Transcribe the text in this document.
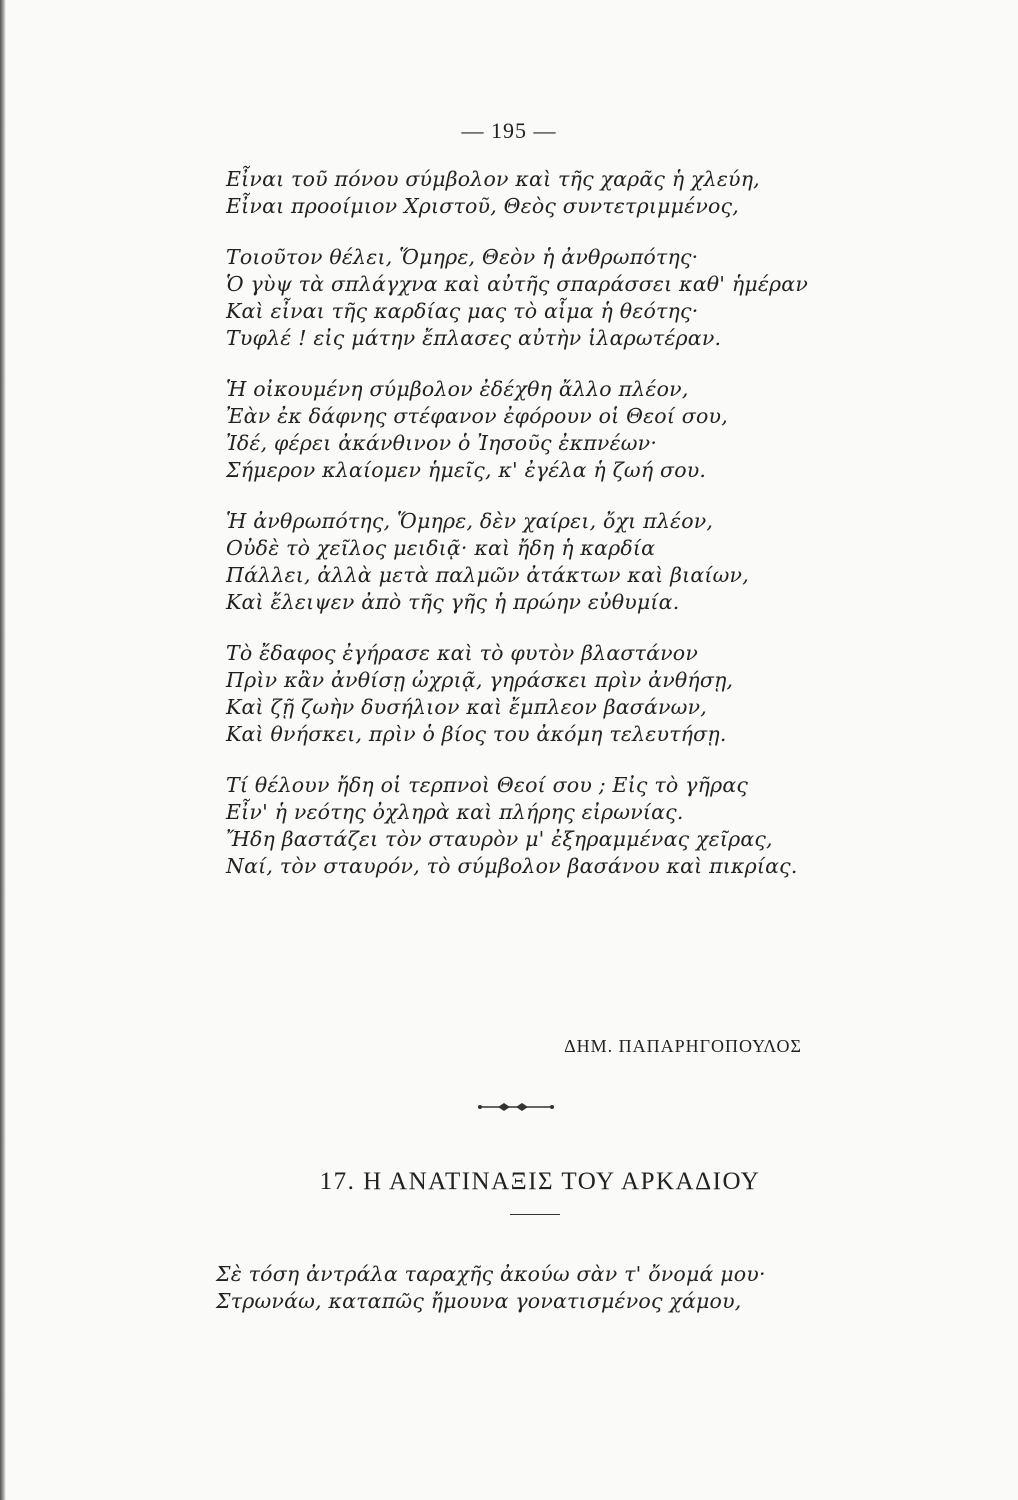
— 195 —
Εἶναι τοῦ πόνου σύμβολον καὶ τῆς χαρᾶς ἡ χλεύη,
Εἶναι προοίμιον Χριστοῦ, Θεὸς συντετριμμένος,
Τοιοῦτον θέλει, Ὅμηρε, Θεὸν ἡ ἀνθρωπότης·
Ὁ γὺψ τὰ σπλάγχνα καὶ αὐτῆς σπαράσσει καθ' ἡμέραν
Καὶ εἶναι τῆς καρδίας μας τὸ αἷμα ἡ θεότης·
Τυφλέ ! εἰς μάτην ἔπλασες αὐτὴν ἱλαρωτέραν.
Ἡ οἰκουμένη σύμβολον ἐδέχθη ἄλλο πλέον,
Ἐὰν ἐκ δάφνης στέφανον ἐφόρουν οἱ Θεοί σου,
Ἰδέ, φέρει ἀκάνθινον ὁ Ἰησοῦς ἐκπνέων·
Σήμερον κλαίομεν ἡμεῖς, κ' ἐγέλα ἡ ζωή σου.
Ἡ ἀνθρωπότης, Ὅμηρε, δὲν χαίρει, ὄχι πλέον,
Οὐδὲ τὸ χεῖλος μειδιᾷ· καὶ ἤδη ἡ καρδία
Πάλλει, ἀλλὰ μετὰ παλμῶν ἀτάκτων καὶ βιαίων,
Καὶ ἔλειψεν ἀπὸ τῆς γῆς ἡ πρώην εὐθυμία.
Τὸ ἔδαφος ἐγήρασε καὶ τὸ φυτὸν βλαστάνον
Πρὶν κἂν ἀνθίσῃ ὠχριᾷ, γηράσκει πρὶν ἀνθήσῃ,
Καὶ ζῇ ζωὴν δυσήλιον καὶ ἔμπλεον βασάνων,
Καὶ θνήσκει, πρὶν ὁ βίος του ἀκόμη τελευτήσῃ.
Τί θέλουν ἤδη οἱ τερπνοὶ Θεοί σου ; Εἰς τὸ γῆρας
Εἶν' ἡ νεότης ὀχληρὰ καὶ πλήρης εἰρωνίας.
Ἤδη βαστάζει τὸν σταυρὸν μ' ἐξηραμμένας χεῖρας,
Ναί, τὸν σταυρόν, τὸ σύμβολον βασάνου καὶ πικρίας.
ΔΗΜ. ΠΑΠΑΡΗΓΟΠΟΥΛΟΣ
17. Η ΑΝΑΤΙΝΑΞΙΣ ΤΟΥ ΑΡΚΑΔΙΟΥ
Σὲ τόση ἀντράλα ταραχῆς ἀκούω σὰν τ' ὄνομά μου·
Στρωνάω, καταπῶς ἤμουνα γονατισμένος χάμου,
